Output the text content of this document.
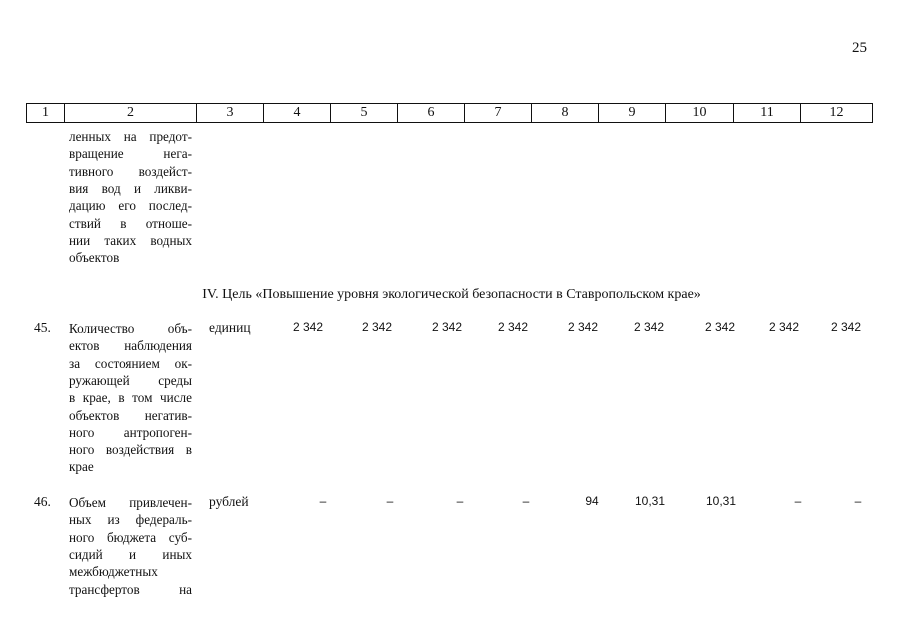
25
1	2	3	4	5	6	7	8	9	10	11	12
ленных на предот-
вращение нега-
тивного воздейст-
вия вод и ликви-
дацию его послед-
ствий в отноше-
нии таких водных
объектов
IV. Цель «Повышение уровня экологической безопасности в Ставропольском крае»
45. Количество объ-
ектов наблюдения
за состоянием ок-
ружающей среды
в крае, в том числе
объектов негатив-
ного антропоген-
ного воздействия в
крае
единиц	2 342	2 342	2 342	2 342	2 342	2 342	2 342	2 342	2 342
46. Объем привлечен-
ных из федераль-
ного бюджета суб-
сидий и иных
межбюджетных
трансфертов на
рублей	–	–	–	–	94	10,31	10,31	–	–
